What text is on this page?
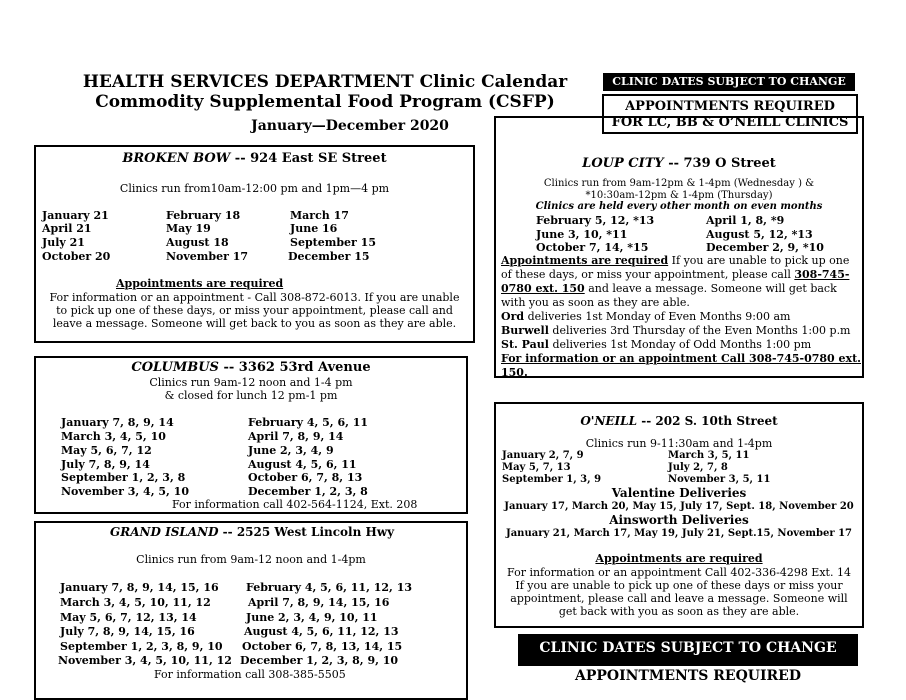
HEALTH SERVICES DEPARTMENT Clinic Calendar
Commodity Supplemental Food Program (CSFP)
January—December 2020
CLINIC DATES SUBJECT TO CHANGE
APPOINTMENTS REQUIRED
FOR LC, BB & O’NEILL CLINICS
BROKEN BOW -- 924 East SE Street
Clinics run from10am-12:00 pm and 1pm—4 pm
January 21	February 18	March 17
April 21	May 19	June 16
July 21	August 18	September 15
October 20	November 17	December 15
Appointments are required
For information or an appointment - Call 308-872-6013. If you are unable
to pick up one of these days, or miss your appointment, please call and
leave a message. Someone will get back to you as soon as they are able.
COLUMBUS -- 3362 53rd Avenue
Clinics run 9am-12 noon and 1-4 pm
& closed for lunch 12 pm-1 pm
January 7, 8, 9, 14	February 4, 5, 6, 11
March 3, 4, 5, 10	April 7, 8, 9, 14
May 5, 6, 7, 12	June 2, 3, 4, 9
July 7, 8, 9, 14	August 4, 5, 6, 11
September 1, 2, 3, 8	October 6, 7, 8, 13
November 3, 4, 5, 10	December 1, 2, 3, 8
For information call 402-564-1124, Ext. 208
GRAND ISLAND -- 2525 West Lincoln Hwy
Clinics run from 9am-12 noon and 1-4pm
January 7, 8, 9, 14, 15, 16 February 4, 5, 6, 11, 12, 13
March 3, 4, 5, 10, 11, 12	April 7, 8, 9, 14, 15, 16
May 5, 6, 7, 12, 13, 14	June 2, 3, 4, 9, 10, 11
July 7, 8, 9, 14, 15, 16	August 4, 5, 6, 11, 12, 13
September 1, 2, 3, 8, 9, 10 October 6, 7, 8, 13, 14, 15
November 3, 4, 5, 10, 11, 12 December 1, 2, 3, 8, 9, 10
For information call 308-385-5505
LOUP CITY -- 739 O Street
Clinics run from 9am-12pm & 1-4pm (Wednesday ) &
*10:30am-12pm & 1-4pm (Thursday)
Clinics are held every other month on even months
February 5, 12, *13	April 1, 8, *9
June 3, 10, *11	August 5, 12, *13
October 7, 14, *15	December 2, 9, *10
Appointments are required If you are unable to pick up one
of these days, or miss your appointment, please call 308-745-
0780 ext. 150 and leave a message. Someone will get back
with you as soon as they are able.
Ord deliveries 1st Monday of Even Months 9:00 am
Burwell deliveries 3rd Thursday of the Even Months 1:00 p.m
St. Paul deliveries 1st Monday of Odd Months 1:00 pm
For information or an appointment Call 308-745-0780 ext.
150.
O'NEILL -- 202 S. 10th Street
Clinics run 9-11:30am and 1-4pm
January 2, 7, 9	March 3, 5, 11
May 5, 7, 13	July 2, 7, 8
September 1, 3, 9	November 3, 5, 11
Valentine Deliveries
January 17, March 20, May 15, July 17, Sept. 18, November 20
Ainsworth Deliveries
January 21, March 17, May 19, July 21, Sept.15, November 17
Appointments are required
For information or an appointment Call 402-336-4298 Ext. 14
If you are unable to pick up one of these days or miss your
appointment, please call and leave a message. Someone will
get back with you as soon as they are able.
CLINIC DATES SUBJECT TO CHANGE
APPOINTMENTS REQUIRED
